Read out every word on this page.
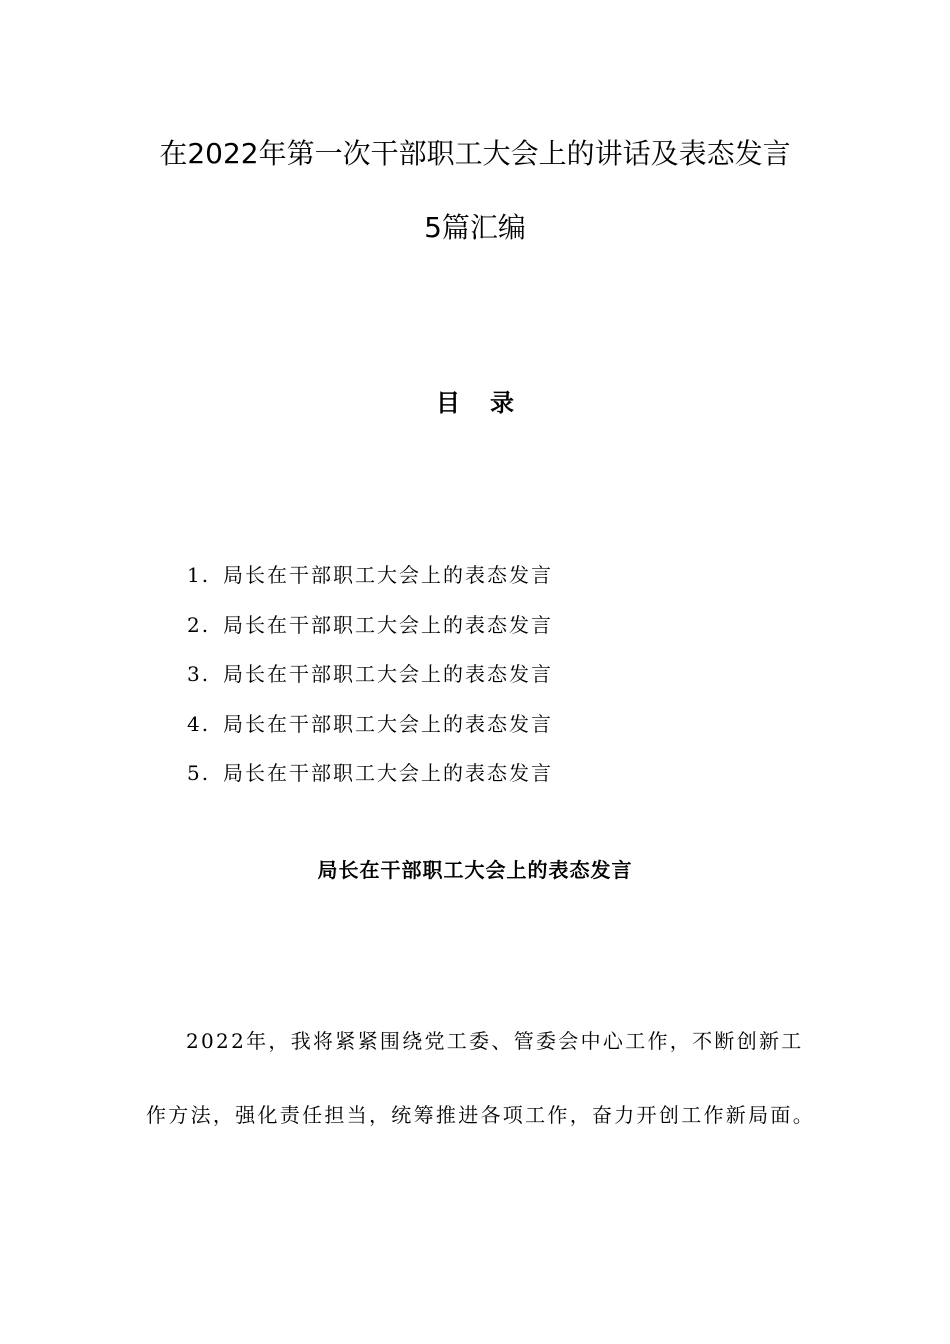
在2022年第一次干部职工大会上的讲话及表态发言
5篇汇编
目录
1. 局长在干部职工大会上的表态发言
2. 局长在干部职工大会上的表态发言
3. 局长在干部职工大会上的表态发言
4. 局长在干部职工大会上的表态发言
5. 局长在干部职工大会上的表态发言
局长在干部职工大会上的表态发言
2022年，我将紧紧围绕党工委、管委会中心工作，不断创新工
作方法，强化责任担当，统筹推进各项工作，奋力开创工作新局面。
